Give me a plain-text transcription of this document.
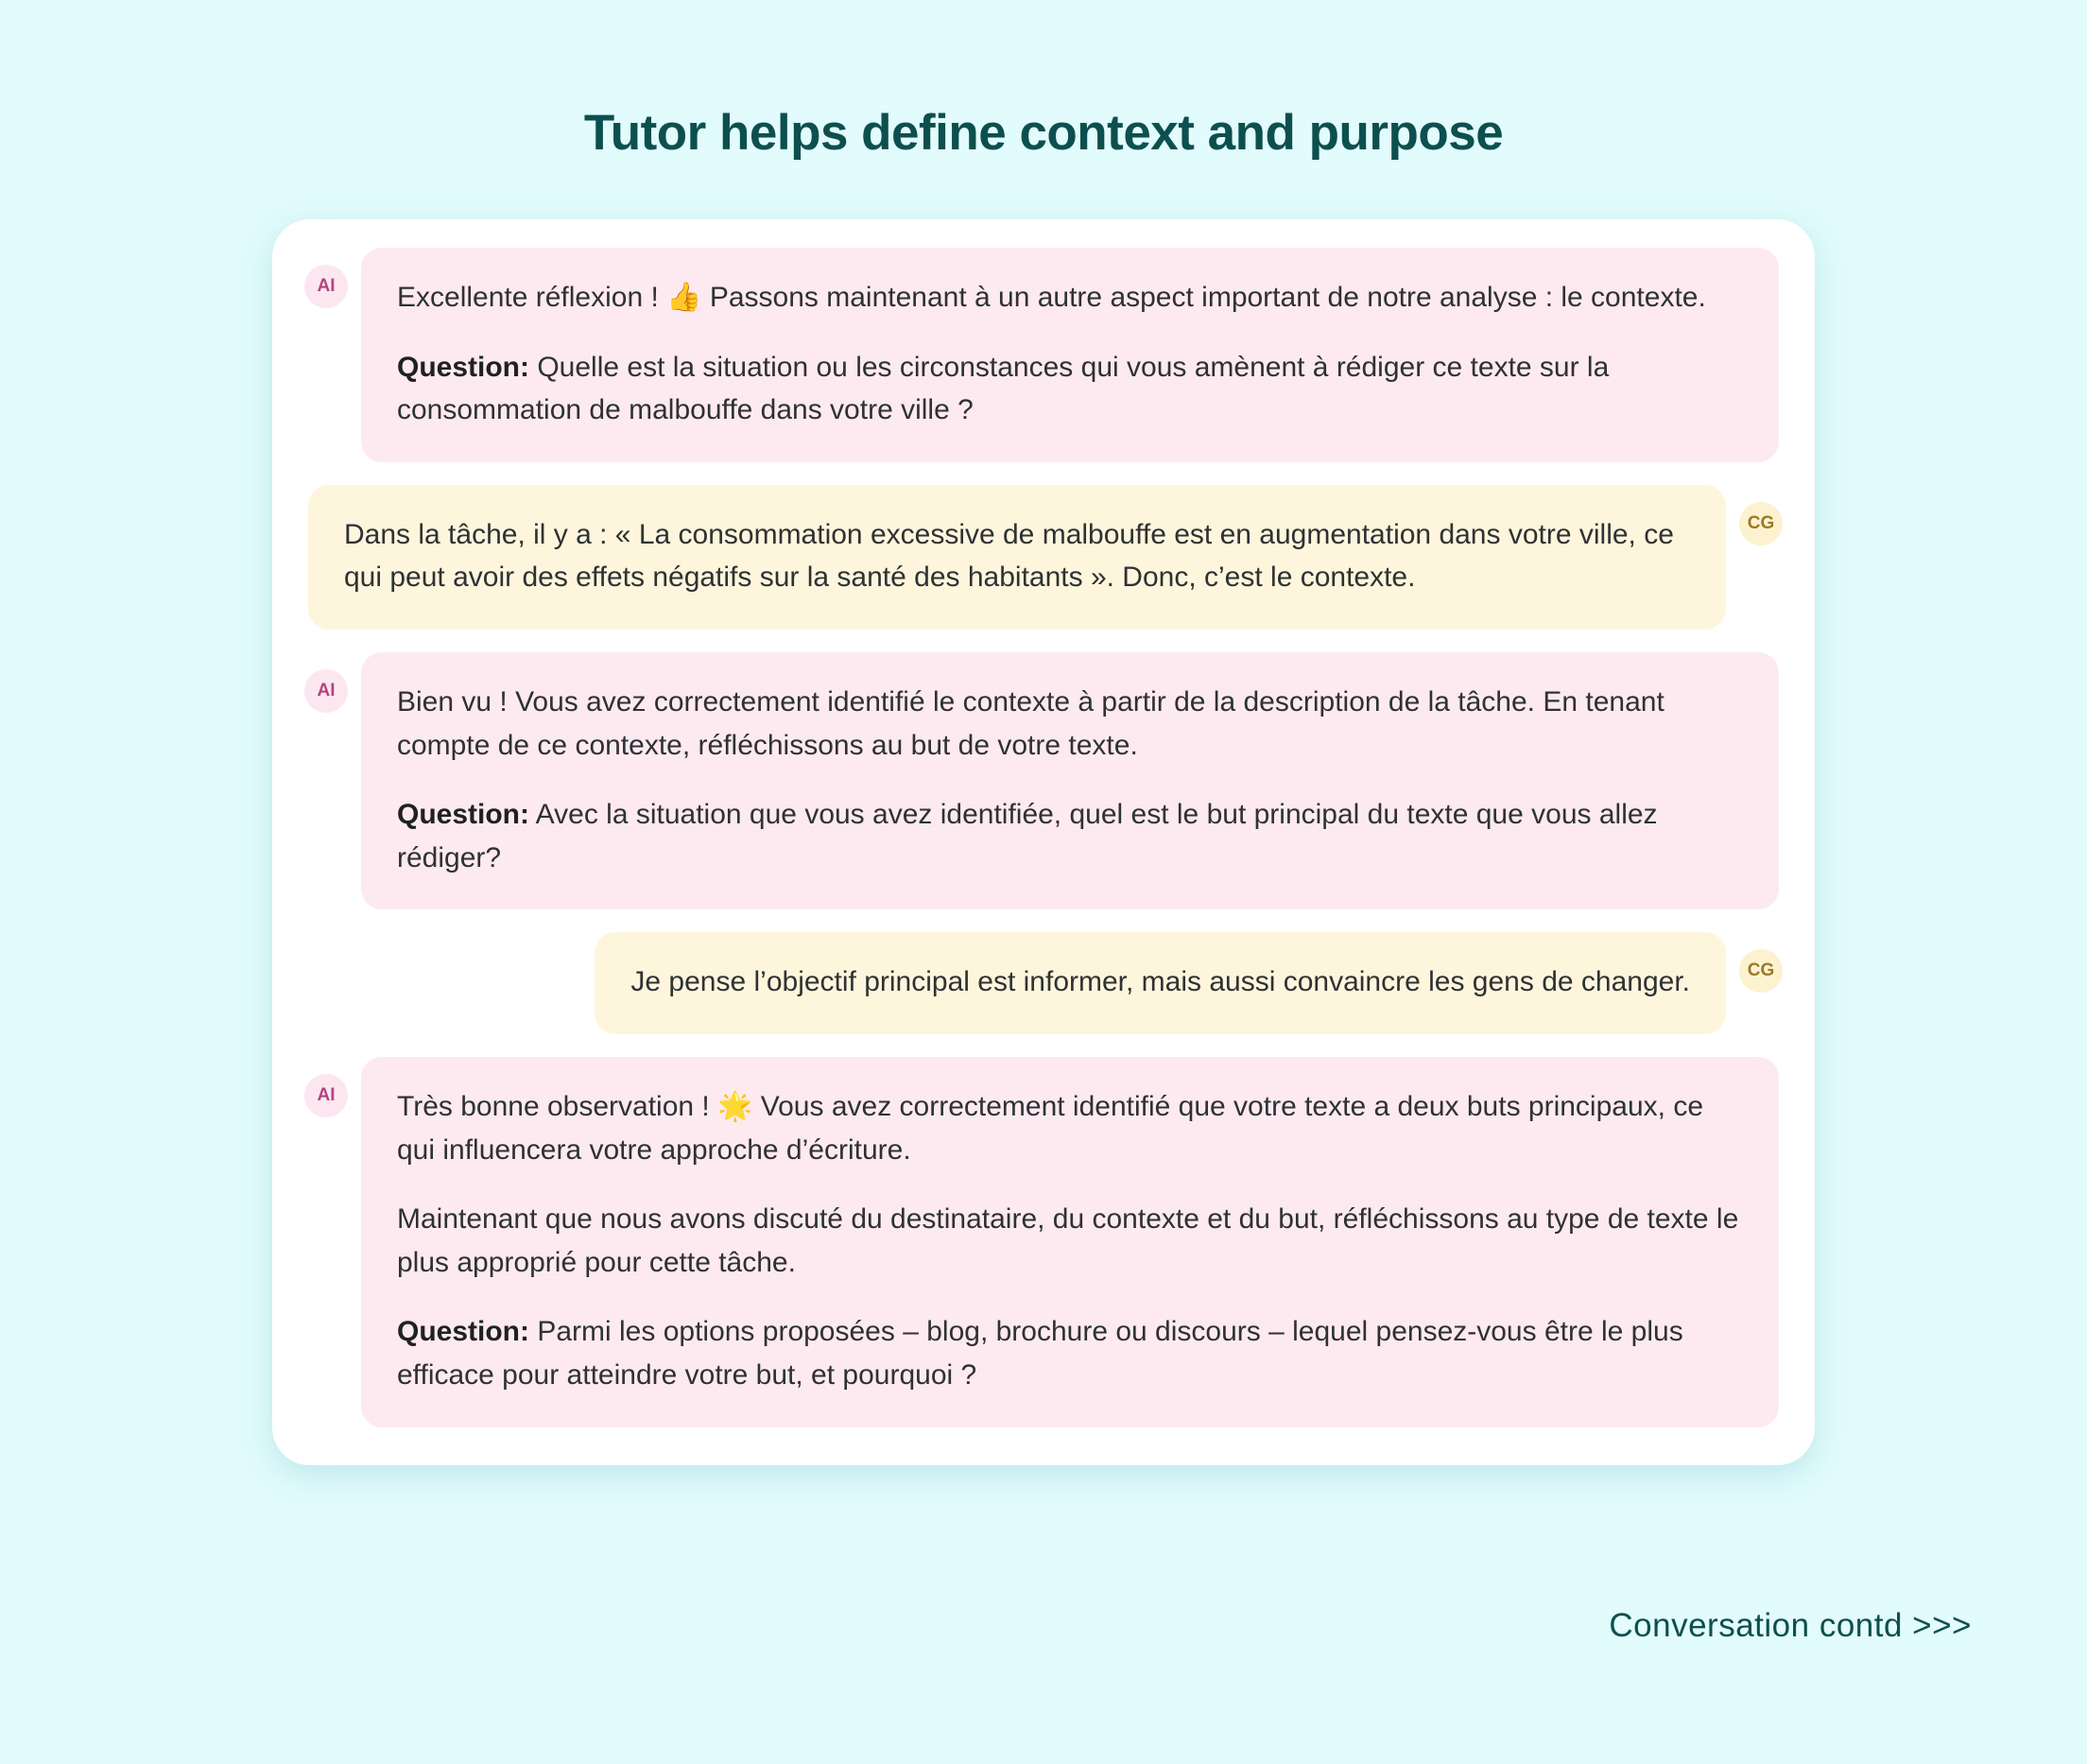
Tutor helps define context and purpose
AI	Excellente réflexion ! 👍 Passons maintenant à un autre aspect important de notre analyse : le contexte.

Question: Quelle est la situation ou les circonstances qui vous amènent à rédiger ce texte sur la consommation de malbouffe dans votre ville ?

Dans la tâche, il y a : « La consommation excessive de malbouffe est en augmentation dans votre ville, ce qui peut avoir des effets négatifs sur la santé des habitants ». Donc, c’est le contexte.

CG
AI	Bien vu ! Vous avez correctement identifié le contexte à partir de la description de la tâche. En tenant compte de ce contexte, réfléchissons au but de votre texte.

Question: Avec la situation que vous avez identifiée, quel est le but principal du texte que vous allez rédiger?

Je pense l’objectif principal est informer, mais aussi convaincre les gens de changer.	CG
AI	Très bonne observation ! 🌟 Vous avez correctement identifié que votre texte a deux buts principaux, ce qui influencera votre approche d’écriture.

Maintenant que nous avons discuté du destinataire, du contexte et du but, réfléchissons au type de texte le plus approprié pour cette tâche.

Question: Parmi les options proposées – blog, brochure ou discours – lequel pensez-vous être le plus efficace pour atteindre votre but, et pourquoi ?

Conversation contd >>>
